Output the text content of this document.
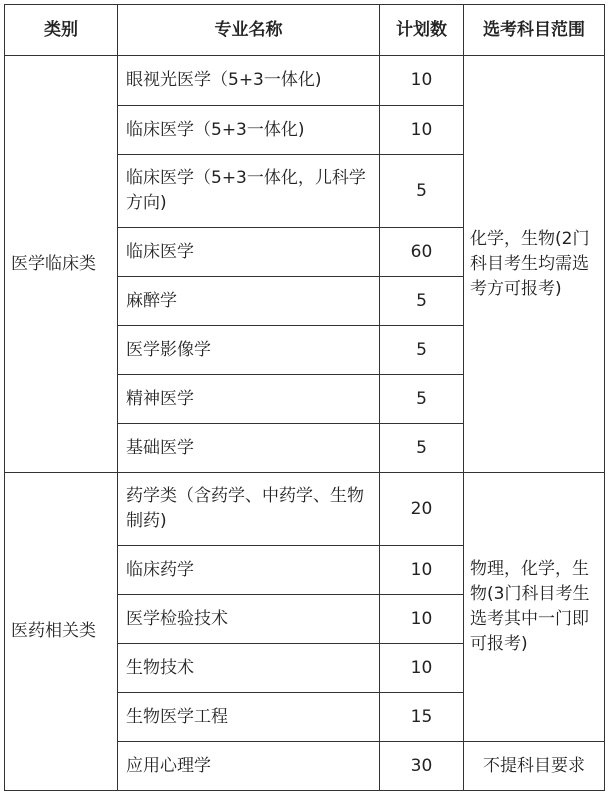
类别	专业名称	计划数	选考科目范围
医学临床类	眼视光医学（5+3一体化)	10	化学，生物(2门科目考生均需选考方可报考)
	临床医学（5+3一体化)	10	
	临床医学（5+3一体化，儿科学方向)	5	
	临床医学	60	
	麻醉学	5	
	医学影像学	5	
	精神医学	5	
	基础医学	5	
医药相关类	药学类（含药学、中药学、生物制药)	20	物理，化学，生物(3门科目考生选考其中一门即可报考)
	临床药学	10	
	医学检验技术	10	
	生物技术	10	
	生物医学工程	15	
	应用心理学	30	不提科目要求
